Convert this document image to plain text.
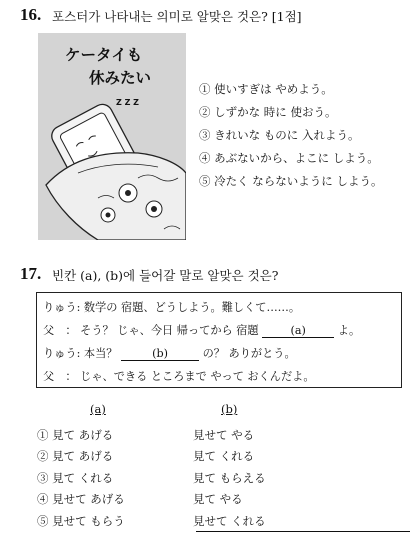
16. 포스터가 나타내는 의미로 알맞은 것은? [1점]
ケータイも
休みたい
Z Z Z
① 使いすぎは やめよう。
② しずかな 時に 使おう。
③ きれいな ものに 入れよう。
④ あぶないから、よこに しよう。
⑤ 冷たく ならないように しよう。
17. 빈칸 (a), (b)에 들어갈 말로 알맞은 것은?
りゅう: 数学の 宿題、どうしよう。難しくて……。
父　： そう？ じゃ、今日 帰ってから 宿題	(a)	よ。
りゅう: 本当？	(b)	の？ ありがとう。
父　： じゃ、できる ところまで やって おくんだよ。
(a)	(b)
① 見て あげる	見せて やる
② 見て あげる	見て くれる
③ 見て くれる	見て もらえる
④ 見せて あげる	見て やる
⑤ 見せて もらう	見せて くれる
